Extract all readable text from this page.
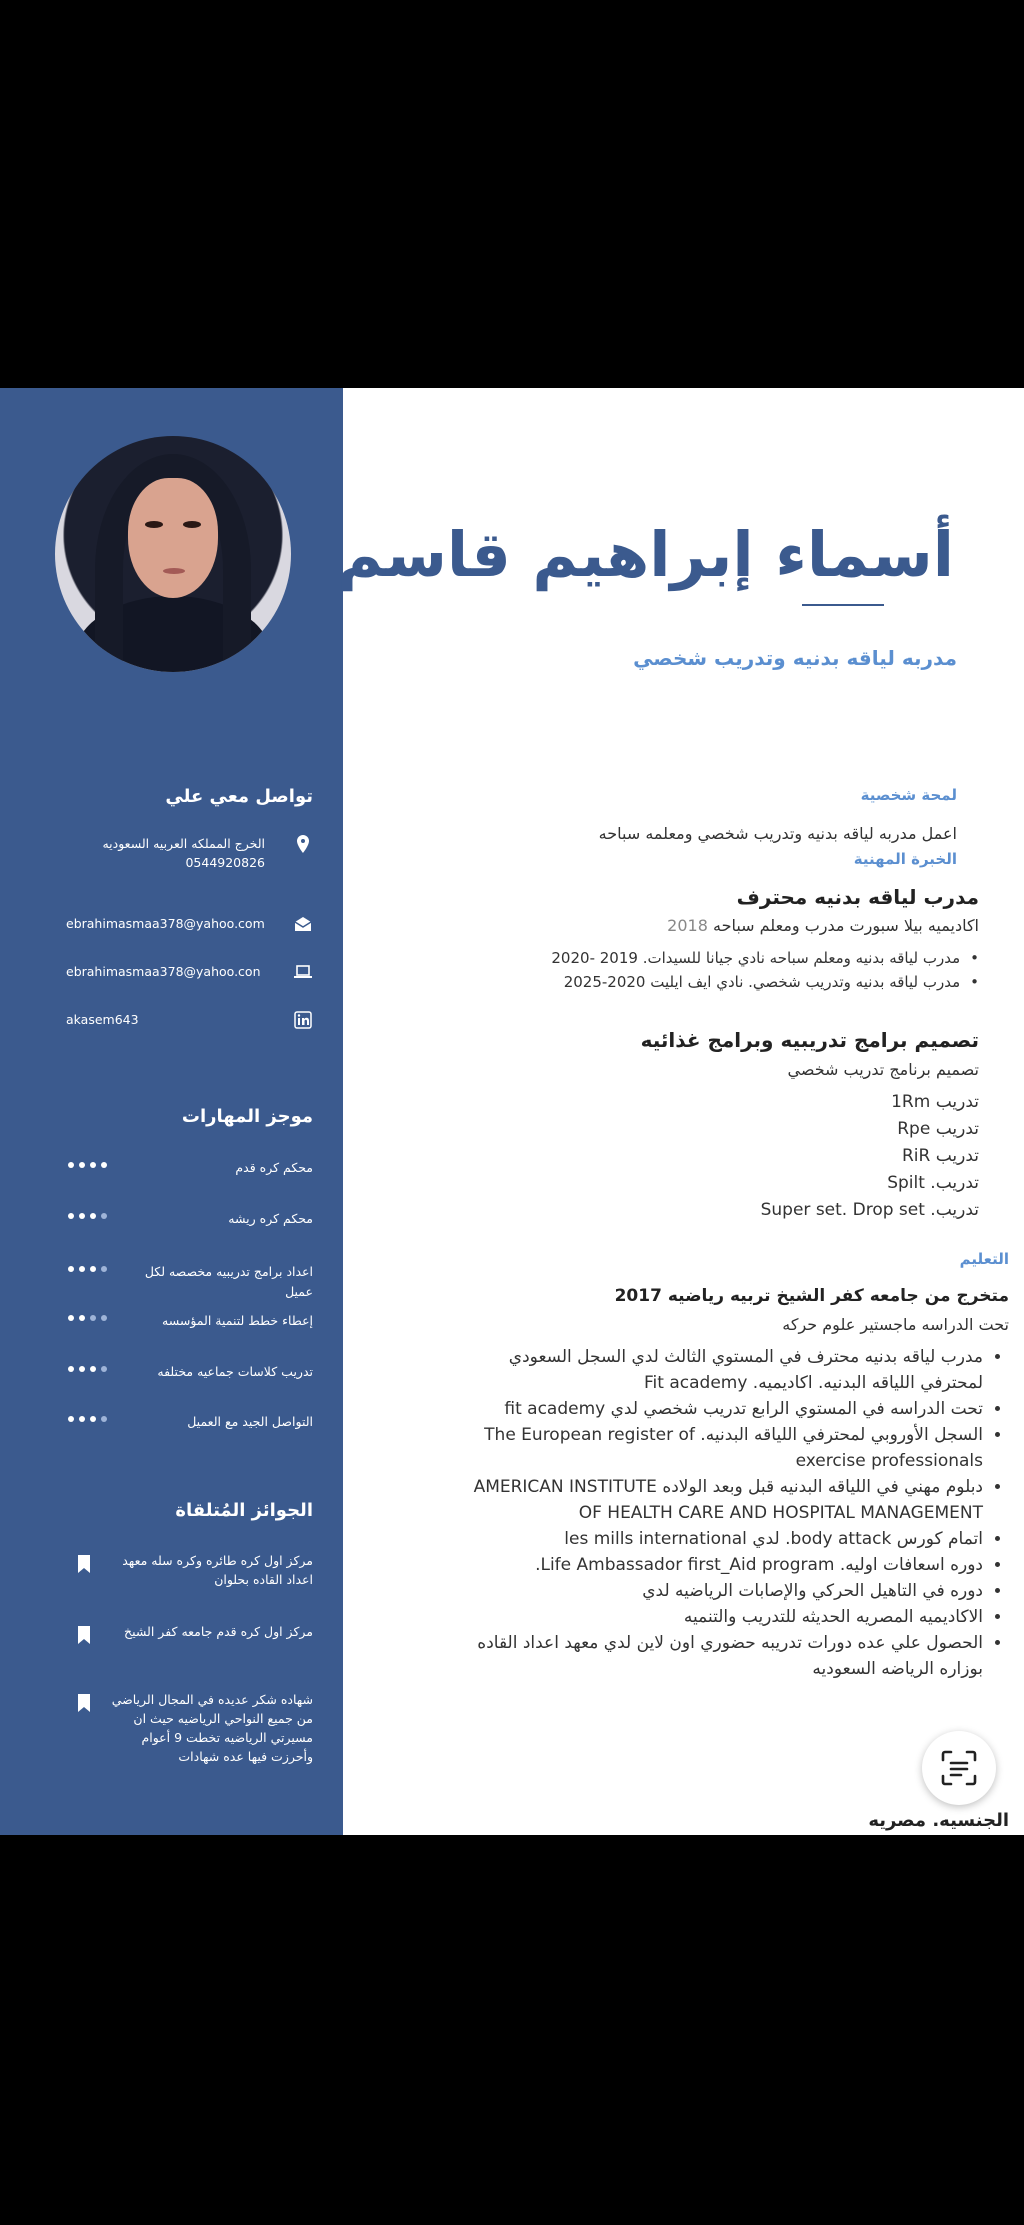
تواصل معي علي
الخرج المملكه العربيه السعوديه
0544920826
ebrahimasmaa378@yahoo.com
ebrahimasmaa378@yahoo.con
akasem643
موجز المهارات
محكم كره قدم
محكم كره ريشه
اعداد برامج تدريبيه مخصصه لكل عميل
إعطاء خطط لتنمية المؤسسه
تدريب كلاسات جماعيه مختلفه
التواصل الجيد مع العميل
الجوائز المُتلقاة
مركز اول كره طائره وكره سله معهد اعداد القاده بحلوان
مركز اول كره قدم جامعه كفر الشيخ
شهاده شكر عديده في المجال الرياضي من جميع النواحي الرياضيه حيث ان مسيرتي الرياضيه تخطت 9 أعوام وأحرزت فيها عده شهادات
أسماء إبراهيم قاسم
مدربه لياقه بدنيه وتدريب شخصي
لمحة شخصية
اعمل مدربه لياقه بدنيه وتدريب شخصي ومعلمه سباحه
الخبرة المهنية
مدرب لياقه بدنيه محترف
اكاديميه بيلا سبورت مدرب ومعلم سباحه 2018
• مدرب لياقه بدنيه ومعلم سباحه نادي جيانا للسيدات. 2019 -2020
• مدرب لياقه بدنيه وتدريب شخصي. نادي ايف ايليت 2020-2025
تصميم برامج تدريبيه وبرامج غذائيه
تصميم برنامج تدريب شخصي
تدريب 1Rm
تدريب Rpe
تدريب RiR
تدريب. Spilt
تدريب. Super set. Drop set
التعليم
متخرج من جامعه كفر الشيخ تربيه رياضيه 2017
تحت الدراسه ماجستير علوم حركه
• مدرب لياقه بدنيه محترف في المستوي الثالث لدي السجل السعودي لمحترفي اللياقه البدنيه. اكاديميه. Fit academy
• تحت الدراسه في المستوي الرابع تدريب شخصي لدي fit academy
• السجل الأوروبي لمحترفي اللياقه البدنيه. The European register of exercise professionals
• دبلوم مهني في اللياقه البدنيه قبل وبعد الولاده AMERICAN INSTITUTE OF HEALTH CARE AND HOSPITAL MANAGEMENT
• اتمام كورس body attack. لدي les mills international
• دوره اسعافات اوليه. Life Ambassador first_Aid program.
• دوره في التاهيل الحركي والإصابات الرياضيه لدي
• الاكاديميه المصريه الحديثه للتدريب والتنميه
• الحصول علي عده دورات تدريبه حضوري اون لاين لدي معهد اعداد القاده بوزاره الرياضه السعوديه
الجنسيه. مصريه
